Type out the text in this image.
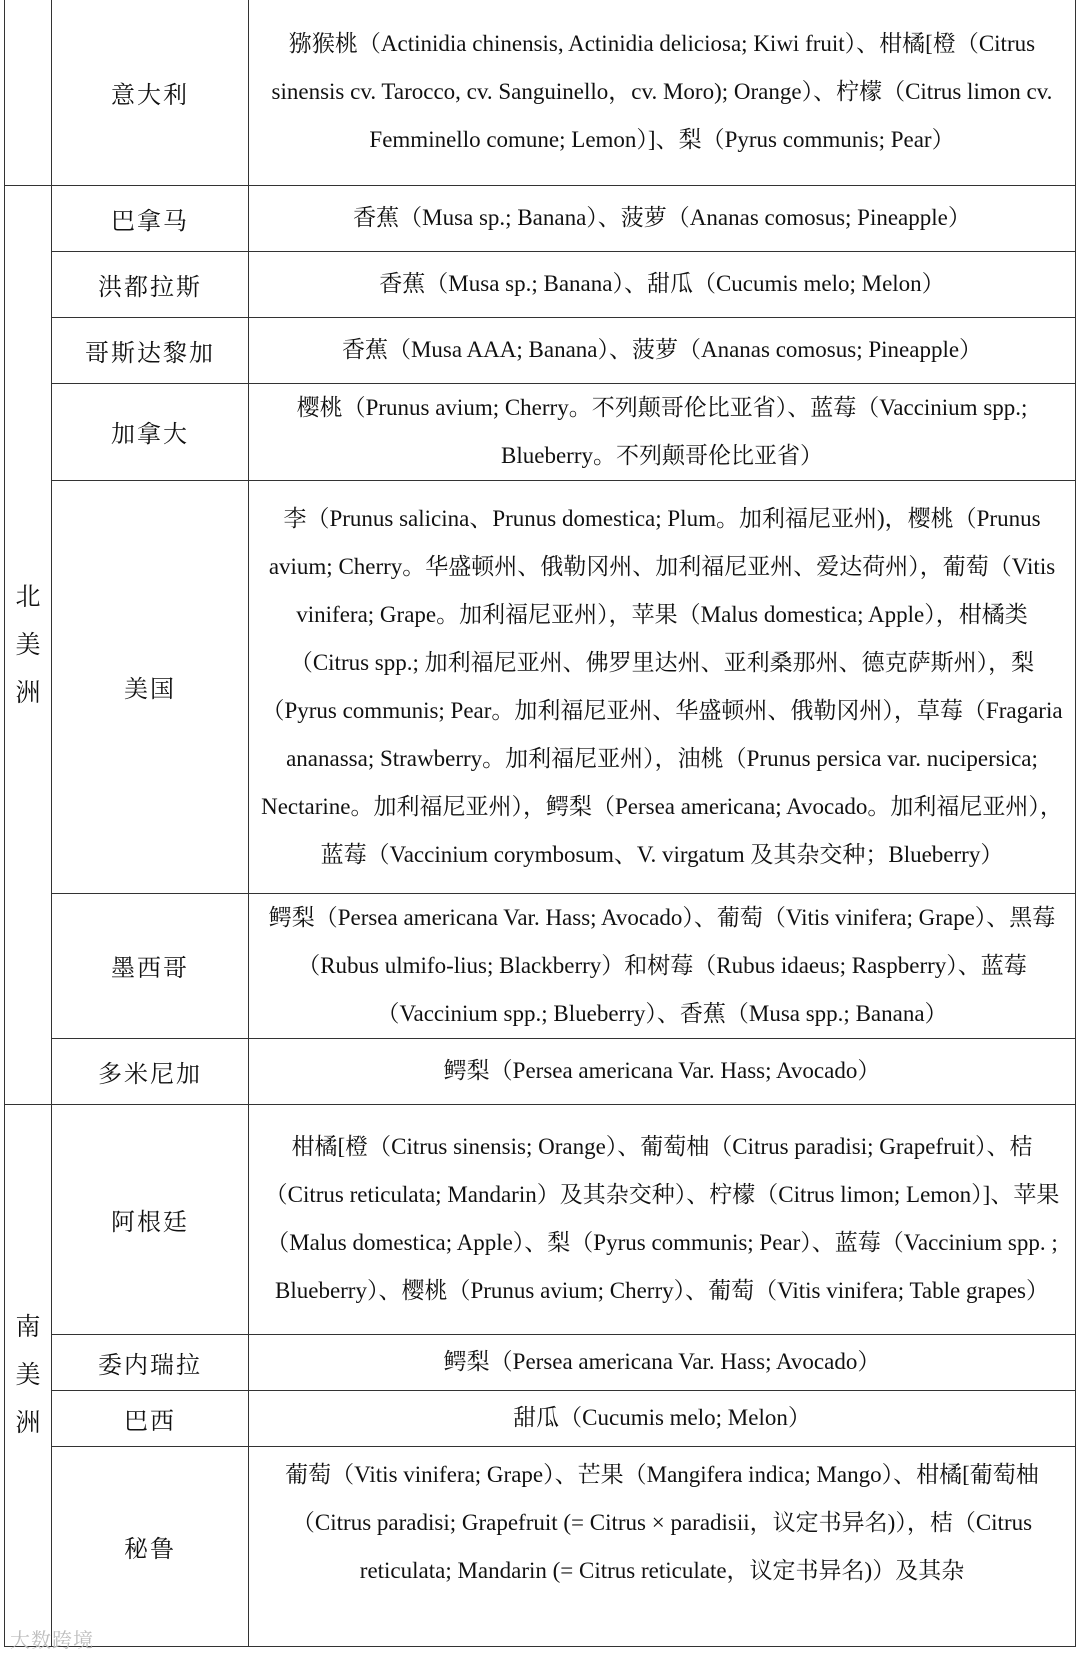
	意大利	猕猴桃（Actinidia chinensis, Actinidia deliciosa; Kiwi fruit）、柑橘[橙（Citrus sinensis cv. Tarocco, cv. Sanguinello，cv. Moro); Orange）、柠檬（Citrus limon cv. Femminello comune; Lemon）]、梨（Pyrus communis; Pear）

北美洲	巴拿马	香蕉（Musa sp.; Banana）、菠萝（Ananas comosus; Pineapple）
	洪都拉斯	香蕉（Musa sp.; Banana）、甜瓜（Cucumis melo; Melon）
	哥斯达黎加	香蕉（Musa AAA; Banana）、菠萝（Ananas comosus; Pineapple）
	加拿大	樱桃（Prunus avium; Cherry。不列颠哥伦比亚省）、蓝莓（Vaccinium spp.; Blueberry。不列颠哥伦比亚省）
	美国	李（Prunus salicina、Prunus domestica; Plum。加利福尼亚州)，樱桃（Prunus avium; Cherry。华盛顿州、俄勒冈州、加利福尼亚州、爱达荷州），葡萄（Vitis vinifera; Grape。加利福尼亚州），苹果（Malus domestica; Apple），柑橘类（Citrus spp.; 加利福尼亚州、佛罗里达州、亚利桑那州、德克萨斯州），梨（Pyrus communis; Pear。加利福尼亚州、华盛顿州、俄勒冈州），草莓（Fragaria ananassa; Strawberry。加利福尼亚州），油桃（Prunus persica var. nucipersica; Nectarine。加利福尼亚州），鳄梨（Persea americana; Avocado。加利福尼亚州），蓝莓（Vaccinium corymbosum、V. virgatum 及其杂交种；Blueberry）
	墨西哥	鳄梨（Persea americana Var. Hass; Avocado）、葡萄（Vitis vinifera; Grape）、黑莓（Rubus ulmifo-lius; Blackberry）和树莓（Rubus idaeus; Raspberry）、蓝莓（Vaccinium spp.; Blueberry）、香蕉（Musa spp.; Banana）
	多米尼加	鳄梨（Persea americana Var. Hass; Avocado）

南美洲	阿根廷	柑橘[橙（Citrus sinensis; Orange）、葡萄柚（Citrus paradisi; Grapefruit）、桔（Citrus reticulata; Mandarin）及其杂交种）、柠檬（Citrus limon; Lemon）]、苹果（Malus domestica; Apple）、梨（Pyrus communis; Pear）、蓝莓（Vaccinium spp. ; Blueberry）、樱桃（Prunus avium; Cherry）、葡萄（Vitis vinifera; Table grapes）
	委内瑞拉	鳄梨（Persea americana Var. Hass; Avocado）
	巴西	甜瓜（Cucumis melo; Melon）
	秘鲁	葡萄（Vitis vinifera; Grape）、芒果（Mangifera indica; Mango）、柑橘[葡萄柚（Citrus paradisi; Grapefruit (= Citrus × paradisii，议定书异名)），桔（Citrus reticulata; Mandarin (= Citrus reticulate，议定书异名)）及其杂
大数跨境
